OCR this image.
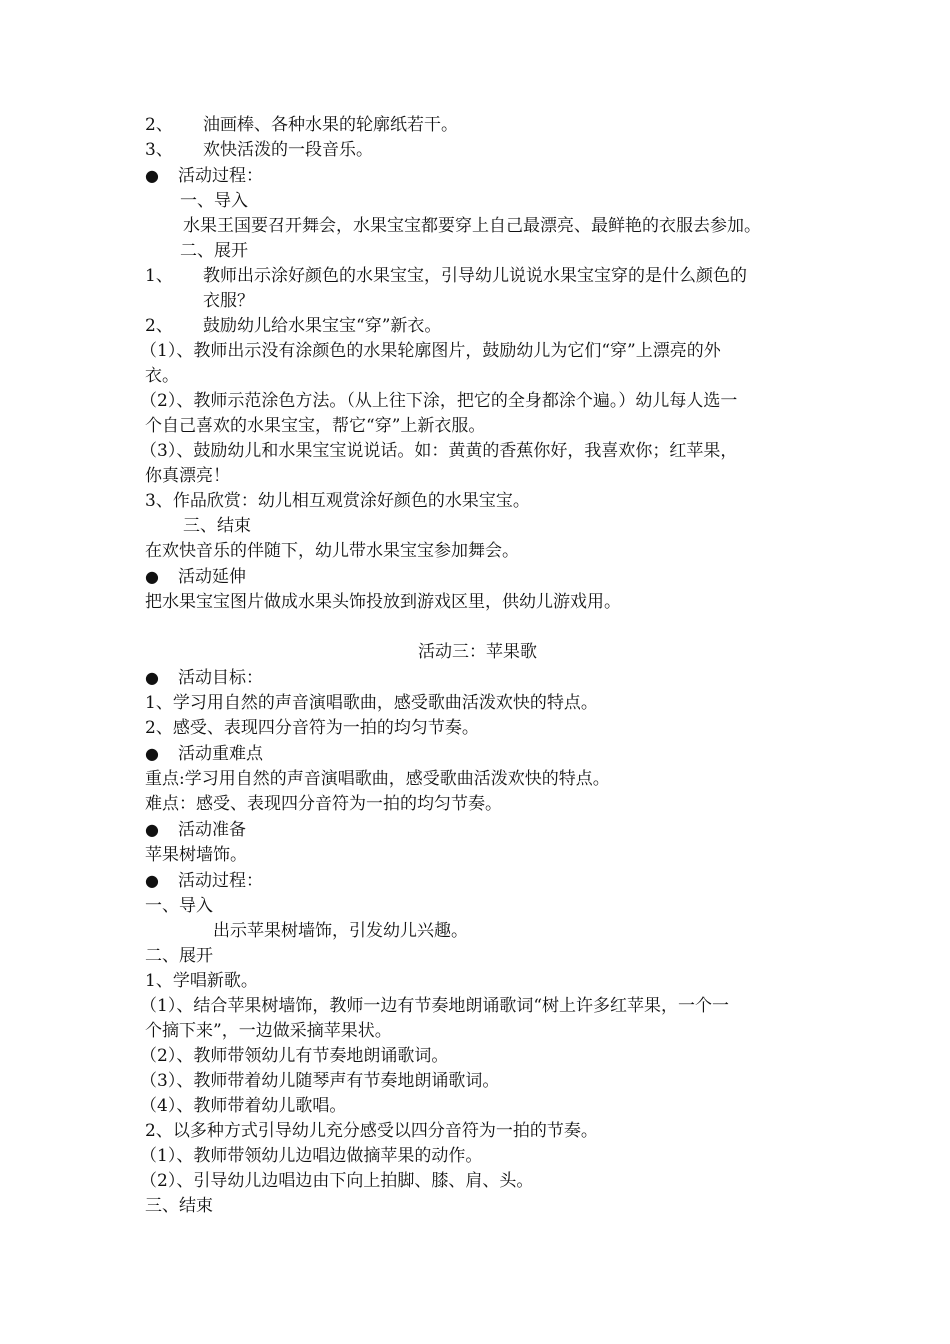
2、 油画棒、各种水果的轮廓纸若干。
3、 欢快活泼的一段音乐。
● 活动过程：
一、导入
水果王国要召开舞会，水果宝宝都要穿上自己最漂亮、最鲜艳的衣服去参加。
二、展开
1、 教师出示涂好颜色的水果宝宝，引导幼儿说说水果宝宝穿的是什么颜色的
衣服？
2、 鼓励幼儿给水果宝宝“穿”新衣。
（1）、教师出示没有涂颜色的水果轮廓图片，鼓励幼儿为它们“穿”上漂亮的外
衣。
（2）、教师示范涂色方法。（从上往下涂，把它的全身都涂个遍。）幼儿每人选一
个自己喜欢的水果宝宝，帮它“穿”上新衣服。
（3）、鼓励幼儿和水果宝宝说说话。如：黄黄的香蕉你好，我喜欢你；红苹果，
你真漂亮！
3、作品欣赏：幼儿相互观赏涂好颜色的水果宝宝。
三、结束
在欢快音乐的伴随下，幼儿带水果宝宝参加舞会。
● 活动延伸
把水果宝宝图片做成水果头饰投放到游戏区里，供幼儿游戏用。
活动三：苹果歌
● 活动目标：
1、学习用自然的声音演唱歌曲，感受歌曲活泼欢快的特点。
2、感受、表现四分音符为一拍的均匀节奏。
● 活动重难点
重点:学习用自然的声音演唱歌曲，感受歌曲活泼欢快的特点。
难点：感受、表现四分音符为一拍的均匀节奏。
● 活动准备
苹果树墙饰。
● 活动过程：
一、导入
出示苹果树墙饰，引发幼儿兴趣。
二、展开
1、学唱新歌。
（1）、结合苹果树墙饰，教师一边有节奏地朗诵歌词“树上许多红苹果，一个一
个摘下来”，一边做采摘苹果状。
（2）、教师带领幼儿有节奏地朗诵歌词。
（3）、教师带着幼儿随琴声有节奏地朗诵歌词。
（4）、教师带着幼儿歌唱。
2、以多种方式引导幼儿充分感受以四分音符为一拍的节奏。
（1）、教师带领幼儿边唱边做摘苹果的动作。
（2）、引导幼儿边唱边由下向上拍脚、膝、肩、头。
三、结束
